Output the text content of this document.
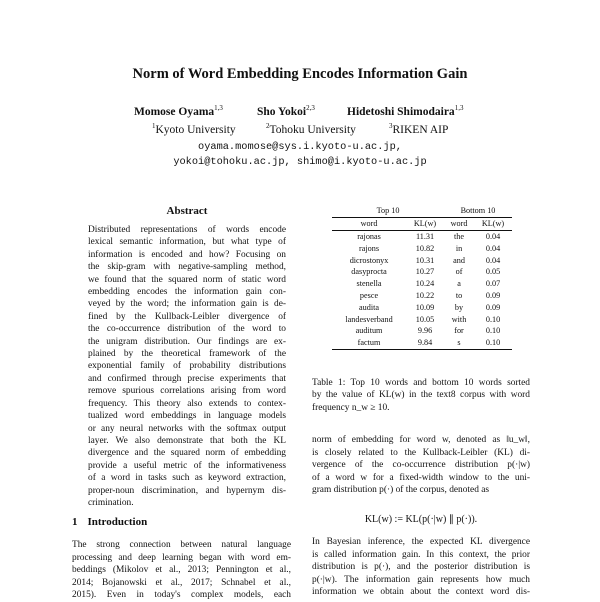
Norm of Word Embedding Encodes Information Gain
Momose Oyama$^{1,3}$	Sho Yokoi$^{2,3}$	Hidetoshi Shimodaira$^{1,3}$
$^1$Kyoto University	$^2$Tohoku University	$^3$RIKEN AIP
oyama.momose@sys.i.kyoto-u.ac.jp,
yokoi@tohoku.ac.jp, shimo@i.kyoto-u.ac.jp
Abstract
Distributed representations of words encode
lexical semantic information, but what type of
information is encoded and how? Focusing on
the skip-gram with negative-sampling method,
we found that the squared norm of static word
embedding encodes the information gain con-
veyed by the word; the information gain is de-
fined by the Kullback-Leibler divergence of
the co-occurrence distribution of the word to
the unigram distribution. Our findings are ex-
plained by the theoretical framework of the
exponential family of probability distributions
and confirmed through precise experiments that
remove spurious correlations arising from word
frequency. This theory also extends to contex-
tualized word embeddings in language models
or any neural networks with the softmax output
layer. We also demonstrate that both the KL
divergence and the squared norm of embedding
provide a useful metric of the informativeness
of a word in tasks such as keyword extraction,
proper-noun discrimination, and hypernym dis-
crimination.
1 Introduction
The strong connection between natural language
processing and deep learning began with word em-
beddings (Mikolov et al., 2013; Pennington et al.,
2014; Bojanowski et al., 2017; Schnabel et al.,
2015). Even in today's complex models, each
Top 10		Bottom 10	
word	KL(w)	word	KL(w)
rajonas	11.31	the	0.04
rajons	10.82	in	0.04
dicrostonyx	10.31	and	0.04
dasyprocta	10.27	of	0.05
stenella	10.24	a	0.07
pesce	10.22	to	0.09
audita	10.09	by	0.09
landesverband	10.05	with	0.10
auditum	9.96	for	0.10
factum	9.84	s	0.10
Table 1: Top 10 words and bottom 10 words sorted
by the value of KL(w) in the text8 corpus with word
frequency n_w ≥ 10.
norm of embedding for word w, denoted as ‖u_w‖,
is closely related to the Kullback-Leibler (KL) di-
vergence of the co-occurrence distribution p(·|w)
of a word w for a fixed-width window to the uni-
gram distribution p(·) of the corpus, denoted as
KL(w) := KL(p(·|w) ∥ p(·)).
In Bayesian inference, the expected KL divergence
is called information gain. In this context, the prior
distribution is p(·), and the posterior distribution is
p(·|w). The information gain represents how much
information we obtain about the context word dis-
